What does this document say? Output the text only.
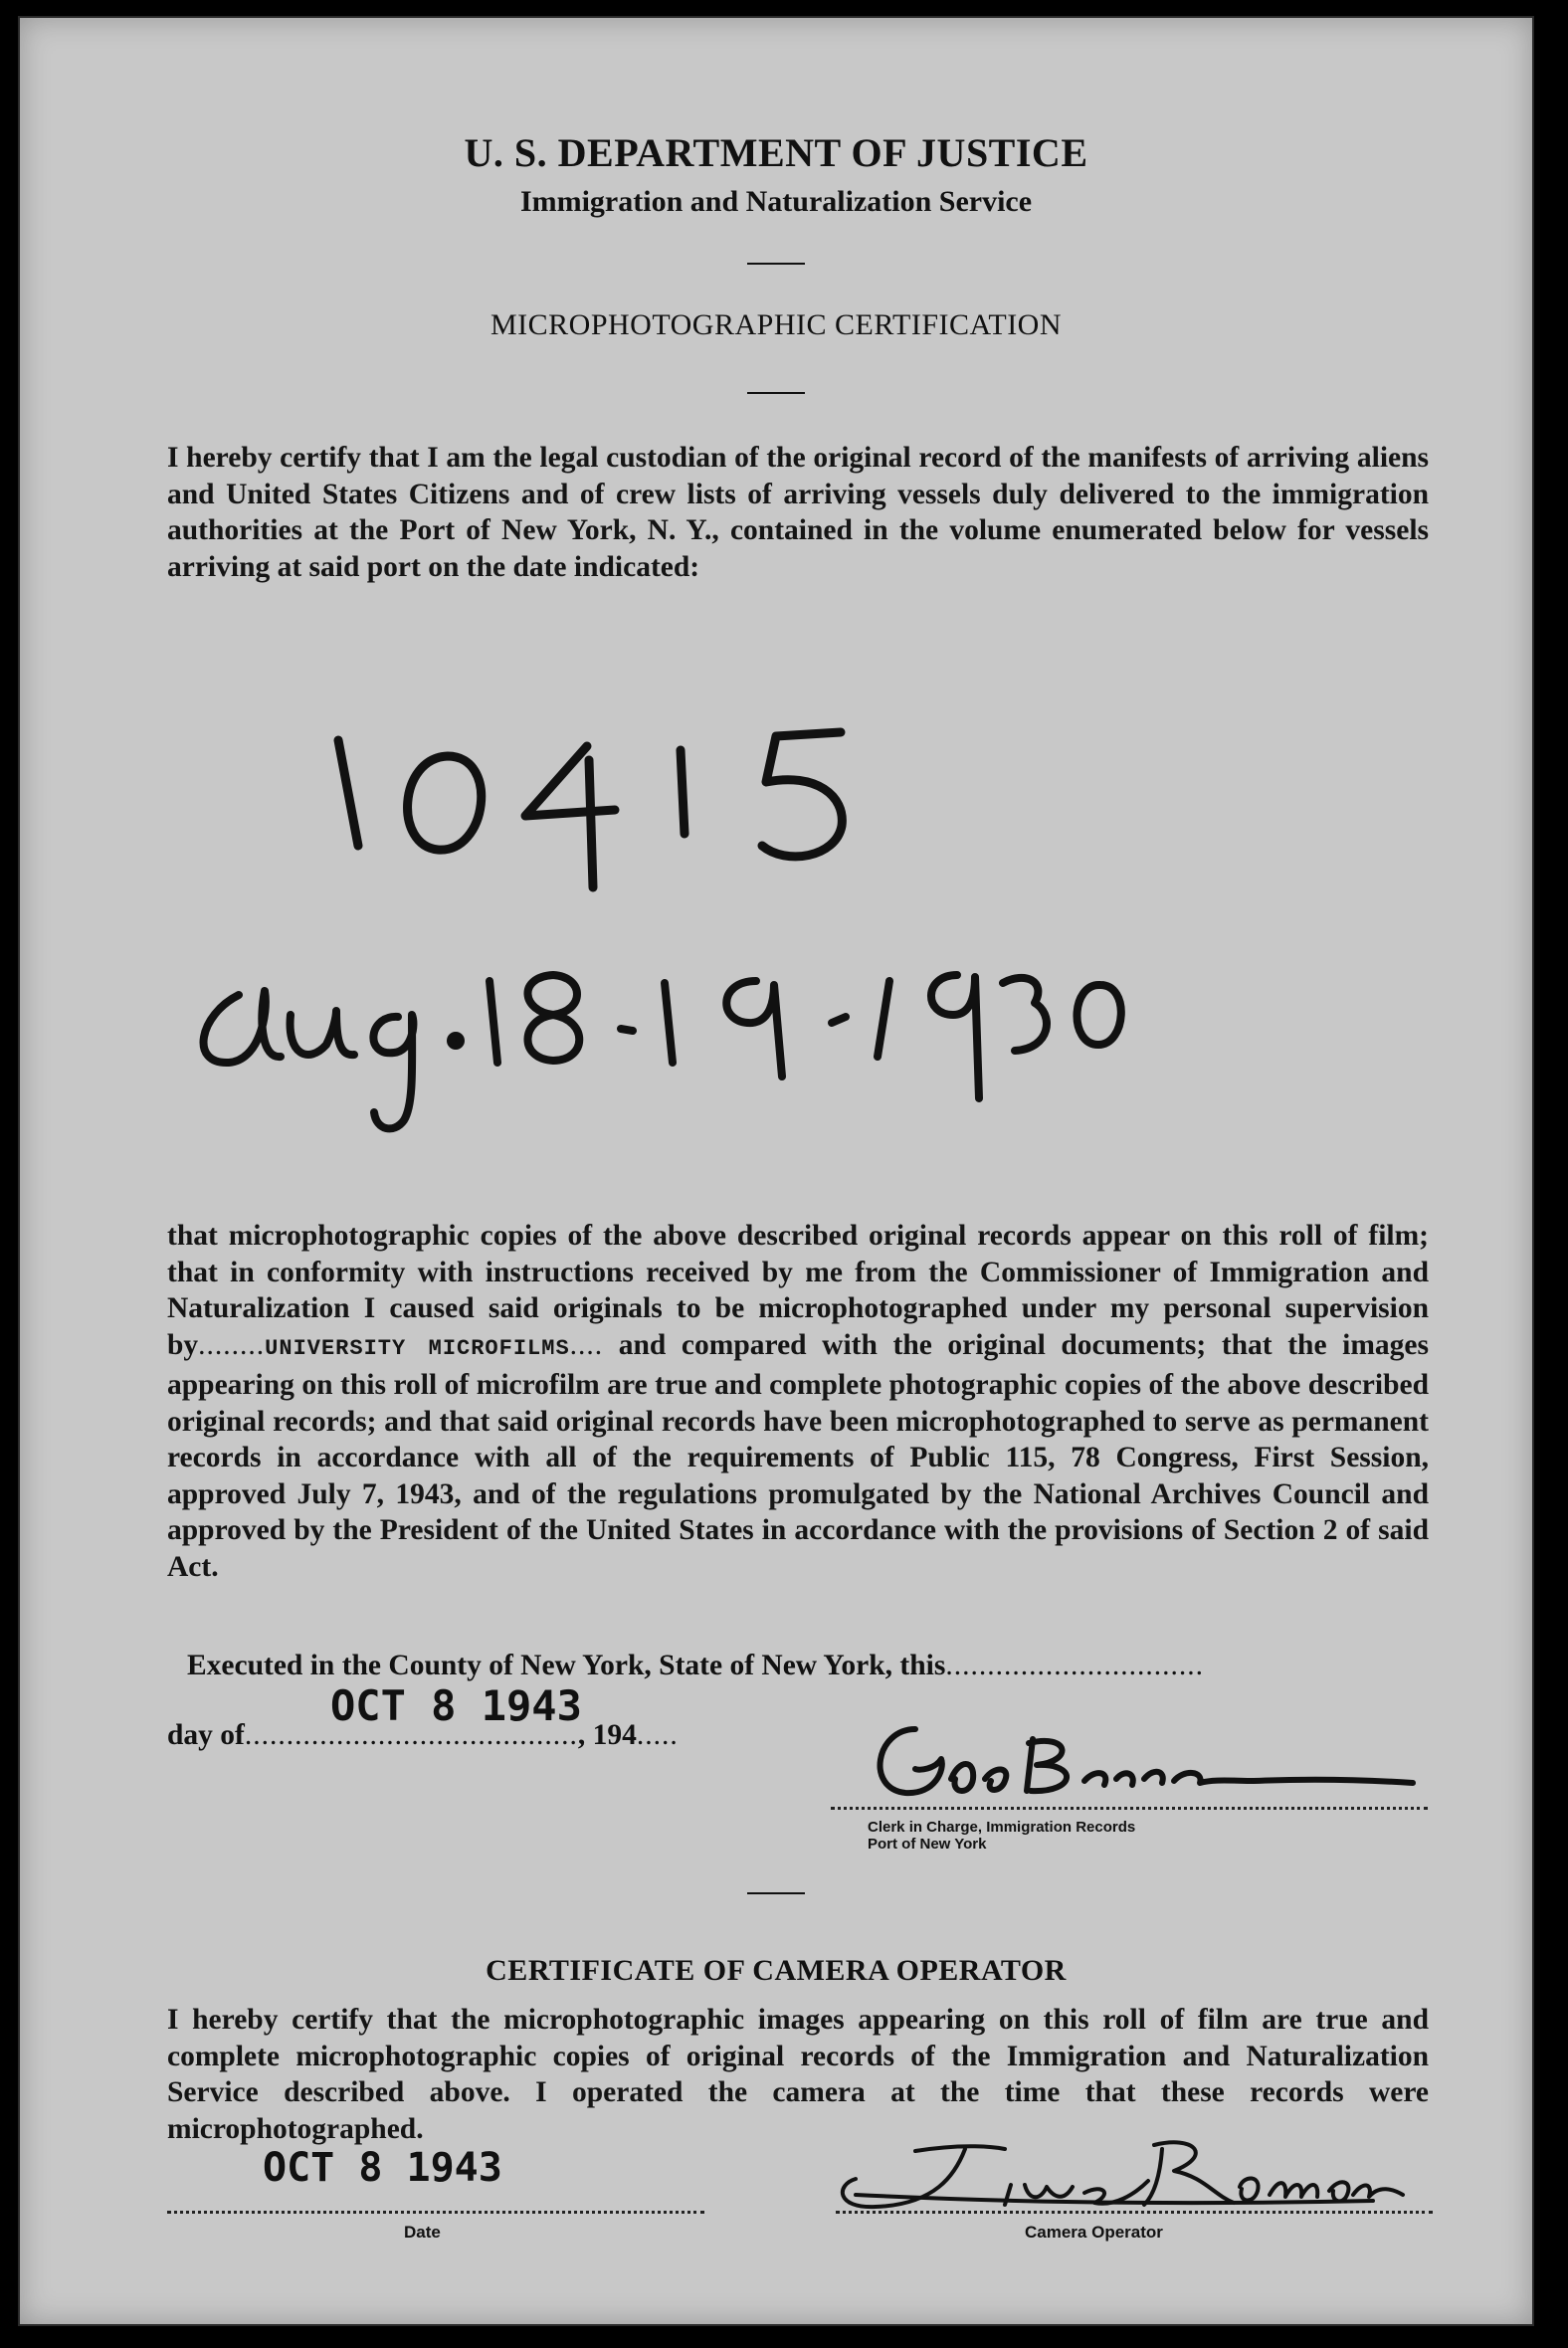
U. S. DEPARTMENT OF JUSTICE
Immigration and Naturalization Service
MICROPHOTOGRAPHIC CERTIFICATION
I hereby certify that I am the legal custodian of the original record of the manifests of arriving aliens and United States Citizens and of crew lists of arriving vessels duly delivered to the immigration authorities at the Port of New York, N. Y., contained in the volume enumerated below for vessels arriving at said port on the date indicated:
that microphotographic copies of the above described original records appear on this roll of film; that in conformity with instructions received by me from the Commissioner of Immigration and Naturalization I caused said originals to be microphotographed under my personal supervision by........UNIVERSITY MICROFILMS.... and compared with the original documents; that the images appearing on this roll of microfilm are true and complete photographic copies of the above described original records; and that said original records have been microphotographed to serve as permanent records in accordance with all of the requirements of Public 115, 78 Congress, First Session, approved July 7, 1943, and of the regulations promulgated by the National Archives Council and approved by the President of the United States in accordance with the provisions of Section 2 of said Act.
Executed in the County of New York, State of New York, this...............................
OCT 8 1943
day of........................................, 194.....
Clerk in Charge, Immigration Records
Port of New York
CERTIFICATE OF CAMERA OPERATOR
I hereby certify that the microphotographic images appearing on this roll of film are true and complete microphotographic copies of original records of the Immigration and Naturalization Service described above. I operated the camera at the time that these records were microphotographed.
OCT 8 1943
Date	Camera Operator
